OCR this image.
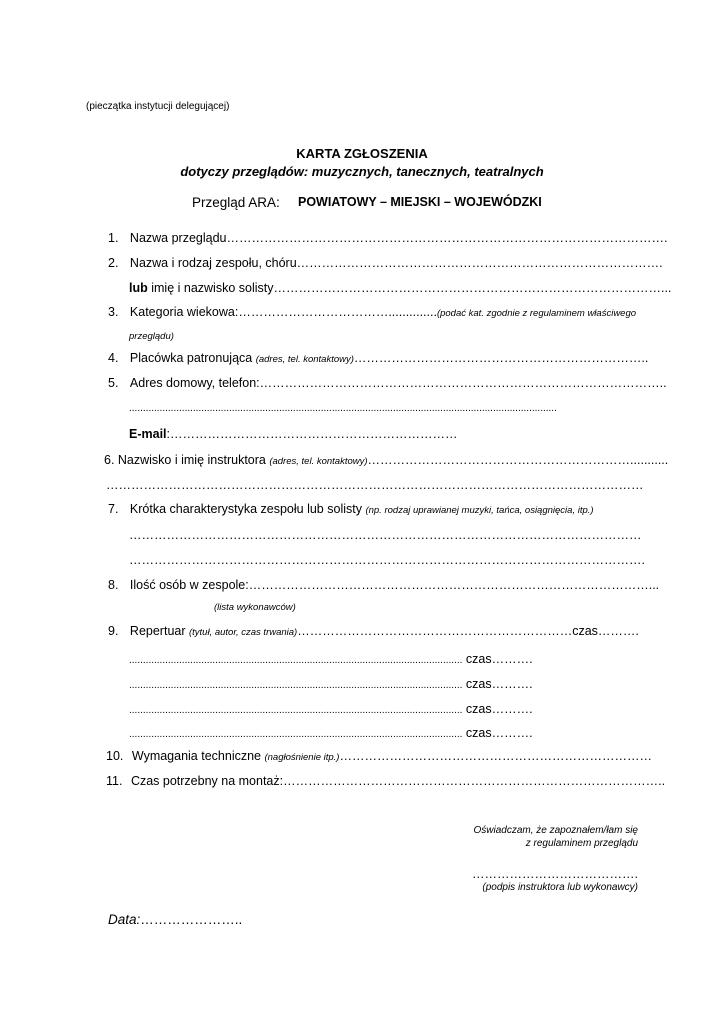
(pieczątka instytucji delegującej)
KARTA ZGŁOSZENIA
dotyczy przeglądów: muzycznych, tanecznych, teatralnych
Przegląd ARA: POWIATOWY – MIEJSKI – WOJEWÓDZKI
1. Nazwa przeglądu…………………………………………………………………………………………….
2. Nazwa i rodzaj zespołu, chóru…………………………………………………………………………….
lub imię i nazwisko solisty…………………………………………………………………………………...
3. Kategoria wiekowa:………………………………..............(podać kat. zgodnie z regulaminem właściwego
przeglądu)
4. Placówka patronująca (adres, tel. kontaktowy)……………………………………………………………..
5. Adres domowy, telefon:……………………………………………………………………………………..
..........................................................................................................................................................
E-mail:……………………………………………………………
6. Nazwisko i imię instruktora (adres, tel. kontaktowy)………………………………………………………...........
…………………………………………………………………………………………………………………
7. Krótka charakterystyka zespołu lub solisty (np. rodzaj uprawianej muzyki, tańca, osiągnięcia, itp.)
……………………………………………………………………………………………………………
…………………………………………………………………………………………………………….
8. Ilość osób w zespole:……………………………………………………………………………………...
(lista wykonawców)
9. Repertuar (tytuł, autor, czas trwania)…………………………………………………………czas……….
........................................................................................................................ czas……….
........................................................................................................................ czas……….
........................................................................................................................ czas……….
........................................................................................................................ czas……….
10. Wymagania techniczne (nagłośnienie itp.)…………………………………………………………………
11. Czas potrzebny na montaż:………………………………………………………………………………..
Oświadczam, że zapoznałem/łam się
z regulaminem przeglądu
………………………………….
(podpis instruktora lub wykonawcy)
Data:…………………..
